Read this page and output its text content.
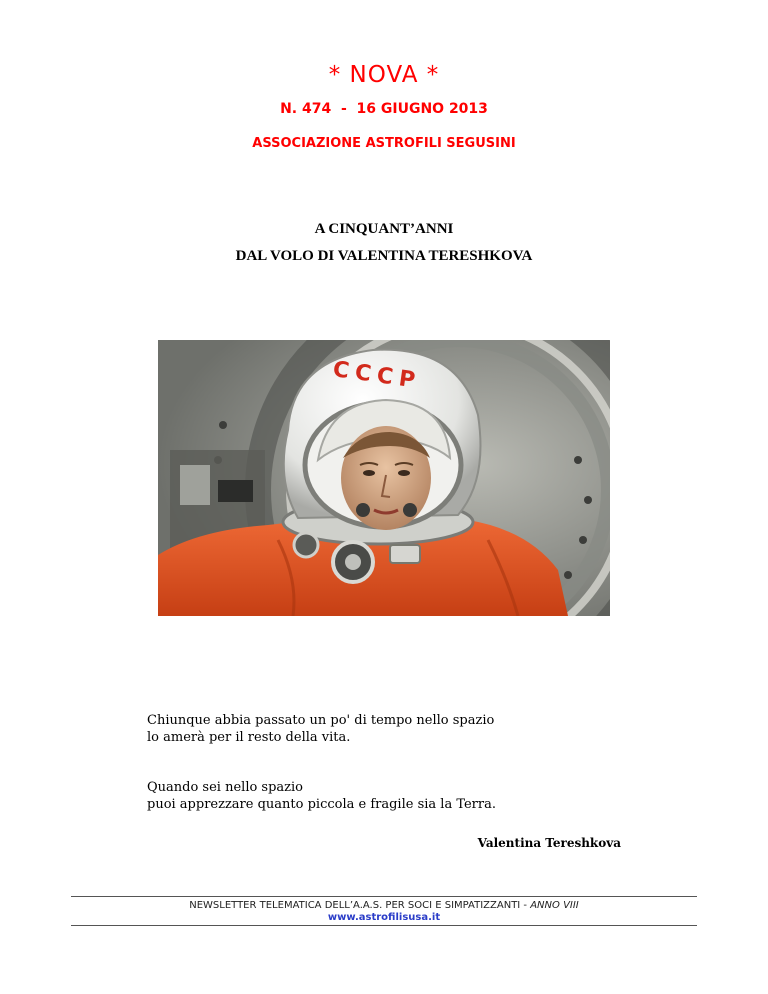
* NOVA *
N. 474  -  16 GIUGNO 2013
ASSOCIAZIONE ASTROFILI SEGUSINI
A CINQUANT’ANNI
DAL VOLO DI VALENTINA TERESHKOVA
CCCP
Chiunque abbia passato un po' di tempo nello spazio
lo amerà per il resto della vita.
Quando sei nello spazio
puoi apprezzare quanto piccola e fragile sia la Terra.
Valentina Tereshkova
NEWSLETTER TELEMATICA DELL’A.A.S. PER SOCI E SIMPATIZZANTI - ANNO VIII
www.astrofilisusa.it
